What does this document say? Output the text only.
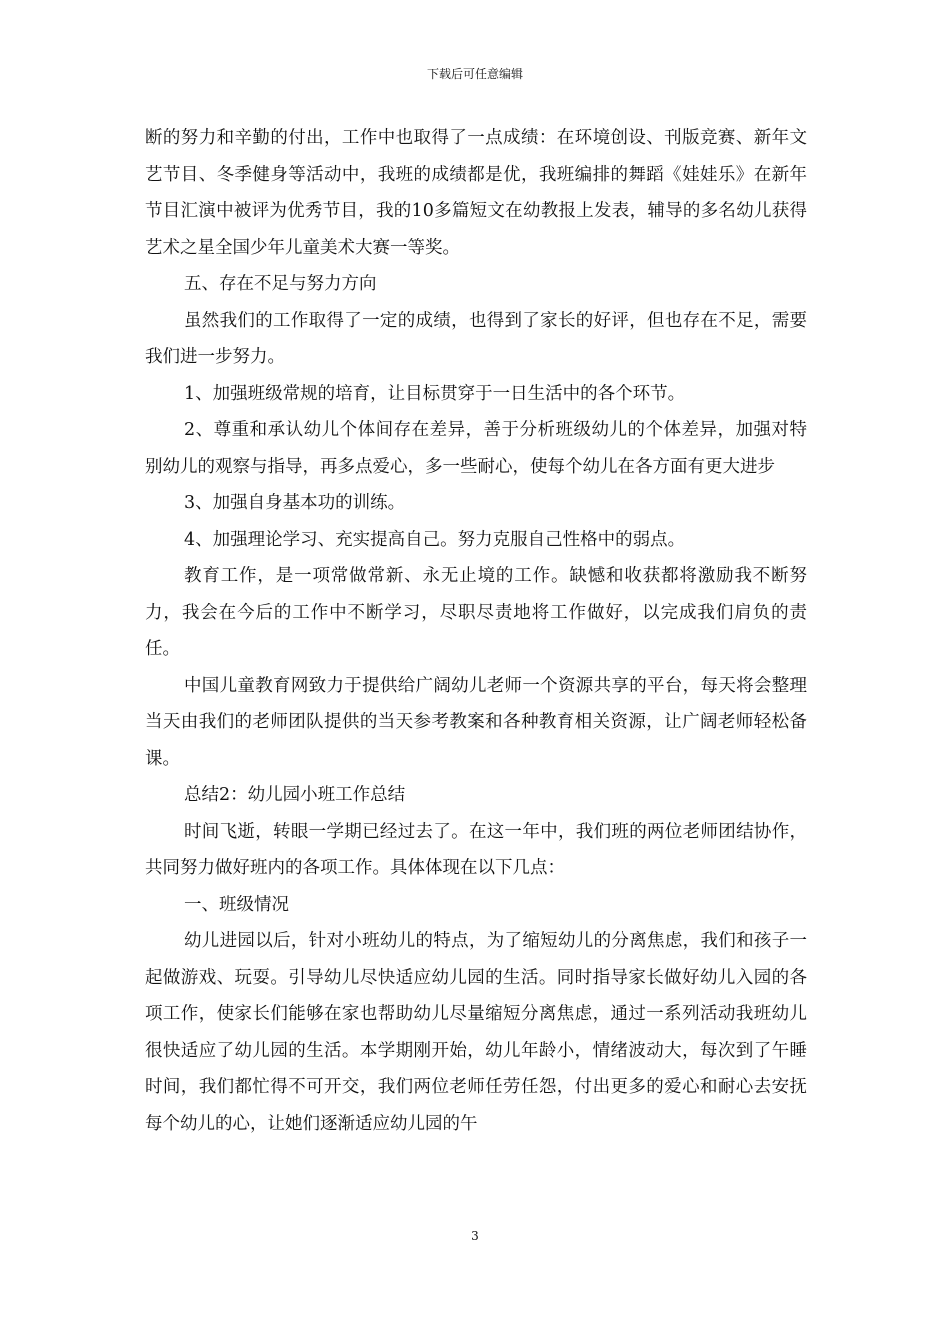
下载后可任意编辑

断的努力和辛勤的付出，工作中也取得了一点成绩：在环境创设、刊版竞赛、新年文艺节目、冬季健身等活动中，我班的成绩都是优，我班编排的舞蹈《娃娃乐》在新年节目汇演中被评为优秀节目，我的10多篇短文在幼教报上发表，辅导的多名幼儿获得艺术之星全国少年儿童美术大赛一等奖。

五、存在不足与努力方向

虽然我们的工作取得了一定的成绩，也得到了家长的好评，但也存在不足，需要我们进一步努力。

1、加强班级常规的培育，让目标贯穿于一日生活中的各个环节。

2、尊重和承认幼儿个体间存在差异，善于分析班级幼儿的个体差异，加强对特别幼儿的观察与指导，再多点爱心，多一些耐心，使每个幼儿在各方面有更大进步

3、加强自身基本功的训练。

4、加强理论学习、充实提高自己。努力克服自己性格中的弱点。

教育工作，是一项常做常新、永无止境的工作。缺憾和收获都将激励我不断努力，我会在今后的工作中不断学习，尽职尽责地将工作做好，以完成我们肩负的责任。

中国儿童教育网致力于提供给广阔幼儿老师一个资源共享的平台，每天将会整理当天由我们的老师团队提供的当天参考教案和各种教育相关资源，让广阔老师轻松备课。

总结2：幼儿园小班工作总结

时间飞逝，转眼一学期已经过去了。在这一年中，我们班的两位老师团结协作，共同努力做好班内的各项工作。具体体现在以下几点：

一、班级情况

幼儿进园以后，针对小班幼儿的特点，为了缩短幼儿的分离焦虑，我们和孩子一起做游戏、玩耍。引导幼儿尽快适应幼儿园的生活。同时指导家长做好幼儿入园的各项工作，使家长们能够在家也帮助幼儿尽量缩短分离焦虑，通过一系列活动我班幼儿很快适应了幼儿园的生活。本学期刚开始，幼儿年龄小，情绪波动大，每次到了午睡时间，我们都忙得不可开交，我们两位老师任劳任怨，付出更多的爱心和耐心去安抚每个幼儿的心，让她们逐渐适应幼儿园的午

3
